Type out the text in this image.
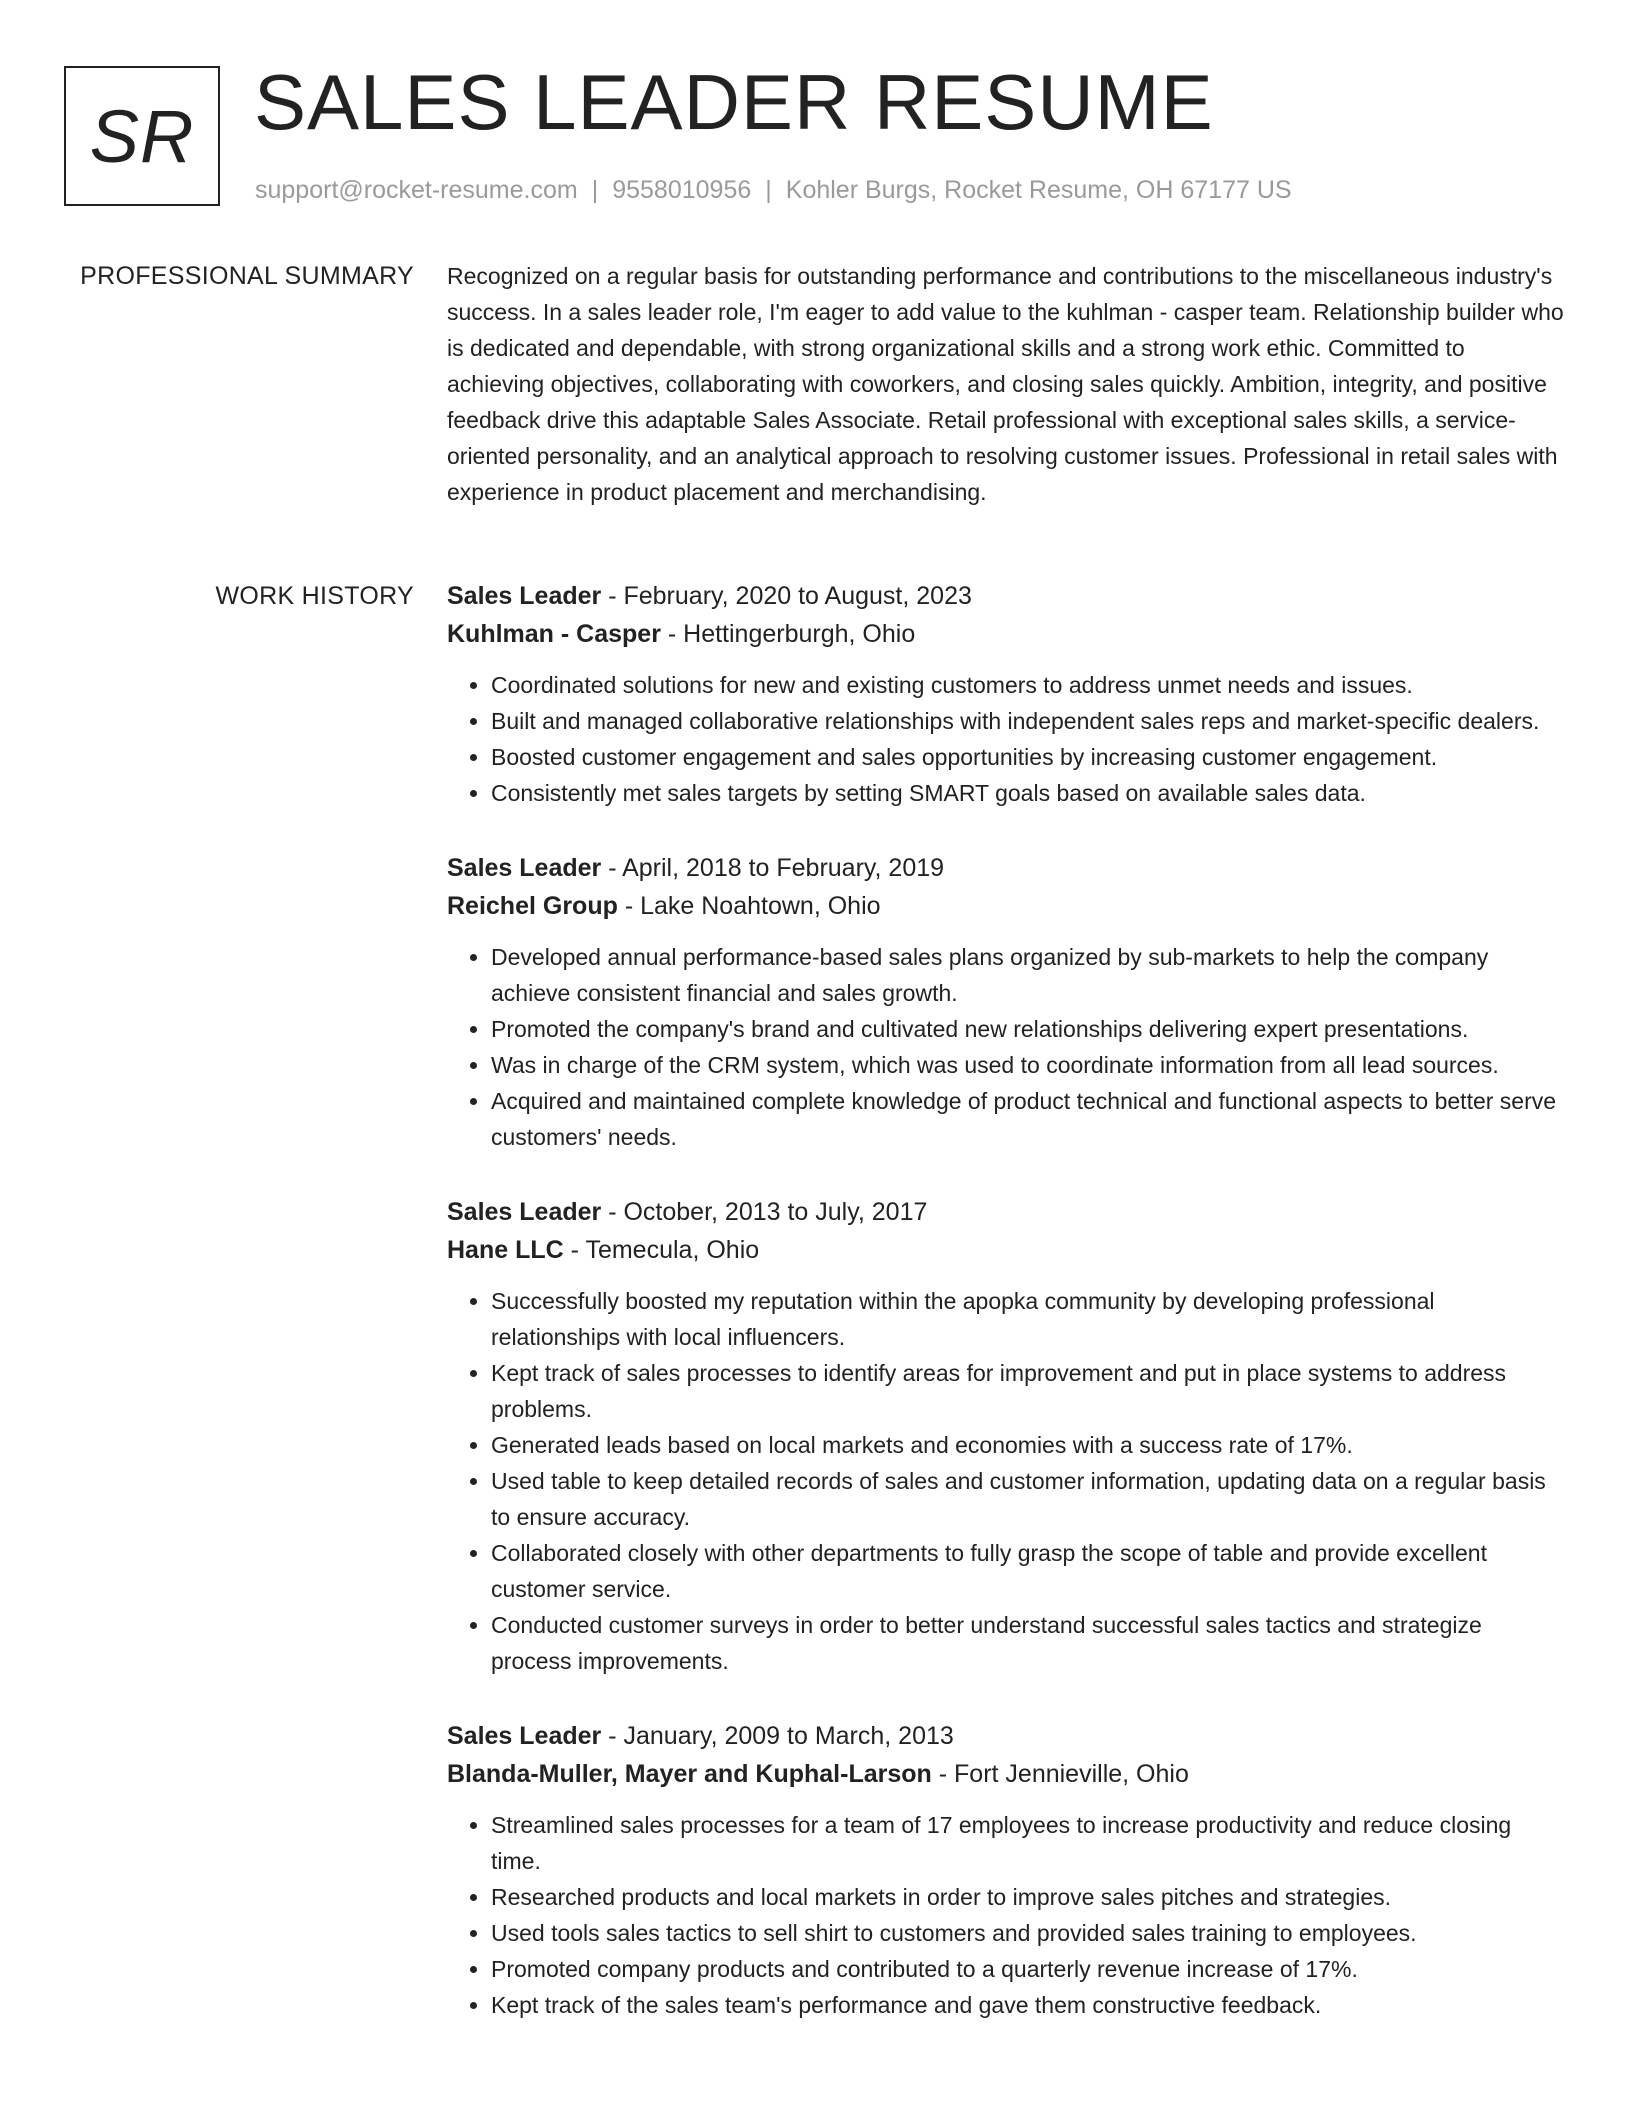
SR SALES LEADER RESUME
support@rocket-resume.com | 9558010956 | Kohler Burgs, Rocket Resume, OH 67177 US
PROFESSIONAL SUMMARY Recognized on a regular basis for outstanding performance and contributions to the miscellaneous industry's success. In a sales leader role, I'm eager to add value to the kuhlman - casper team. Relationship builder who is dedicated and dependable, with strong organizational skills and a strong work ethic. Committed to achieving objectives, collaborating with coworkers, and closing sales quickly. Ambition, integrity, and positive feedback drive this adaptable Sales Associate. Retail professional with exceptional sales skills, a service-oriented personality, and an analytical approach to resolving customer issues. Professional in retail sales with experience in product placement and merchandising.

WORK HISTORY Sales Leader - February, 2020 to August, 2023

Kuhlman - Casper - Hettingerburgh, Ohio

• Coordinated solutions for new and existing customers to address unmet needs and issues.
• Built and managed collaborative relationships with independent sales reps and market-specific dealers.
• Boosted customer engagement and sales opportunities by increasing customer engagement.
• Consistently met sales targets by setting SMART goals based on available sales data.

Sales Leader - April, 2018 to February, 2019

Reichel Group - Lake Noahtown, Ohio

• Developed annual performance-based sales plans organized by sub-markets to help the company achieve consistent financial and sales growth.
• Promoted the company's brand and cultivated new relationships delivering expert presentations.
• Was in charge of the CRM system, which was used to coordinate information from all lead sources.
• Acquired and maintained complete knowledge of product technical and functional aspects to better serve customers' needs.

Sales Leader - October, 2013 to July, 2017

Hane LLC - Temecula, Ohio

• Successfully boosted my reputation within the apopka community by developing professional relationships with local influencers.
• Kept track of sales processes to identify areas for improvement and put in place systems to address problems.
• Generated leads based on local markets and economies with a success rate of 17%.
• Used table to keep detailed records of sales and customer information, updating data on a regular basis to ensure accuracy.
• Collaborated closely with other departments to fully grasp the scope of table and provide excellent customer service.
• Conducted customer surveys in order to better understand successful sales tactics and strategize process improvements.

Sales Leader - January, 2009 to March, 2013

Blanda-Muller, Mayer and Kuphal-Larson - Fort Jennieville, Ohio

• Streamlined sales processes for a team of 17 employees to increase productivity and reduce closing time.
• Researched products and local markets in order to improve sales pitches and strategies.
• Used tools sales tactics to sell shirt to customers and provided sales training to employees.
• Promoted company products and contributed to a quarterly revenue increase of 17%.
• Kept track of the sales team's performance and gave them constructive feedback.
